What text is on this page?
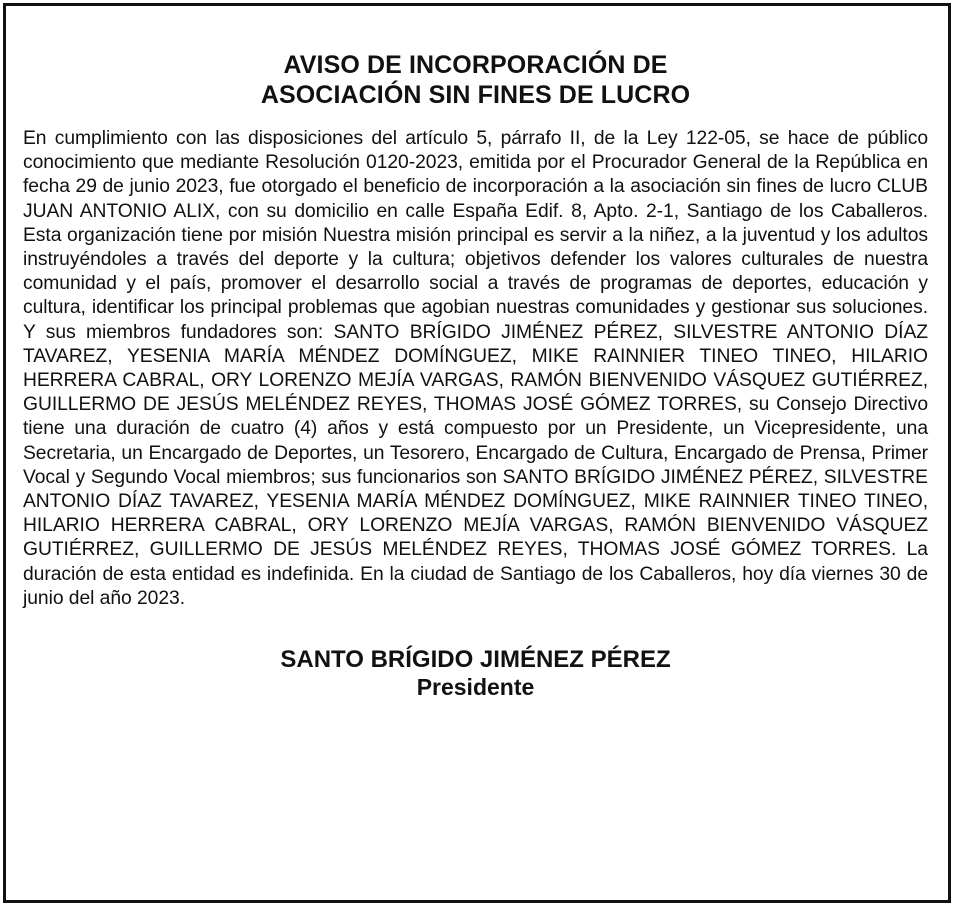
AVISO DE INCORPORACIÓN DE
ASOCIACIÓN SIN FINES DE LUCRO

En cumplimiento con las disposiciones del artículo 5, párrafo II, de la Ley 122-05, se hace de público conocimiento que mediante Resolución 0120-2023, emitida por el Procurador General de la República en fecha 29 de junio 2023, fue otorgado el beneficio de incorporación a la asociación sin fines de lucro CLUB JUAN ANTONIO ALIX, con su domicilio en calle España Edif. 8, Apto. 2-1, Santiago de los Caballeros. Esta organización tiene por misión Nuestra misión principal es servir a la niñez, a la juventud y los adultos instruyéndoles a través del deporte y la cultura; objetivos defender los valores culturales de nuestra comunidad y el país, promover el desarrollo social a través de programas de deportes, educación y cultura, identificar los principal problemas que agobian nuestras comunidades y gestionar sus soluciones. Y sus miembros fundadores son: SANTO BRÍGIDO JIMÉNEZ PÉREZ, SILVESTRE ANTONIO DÍAZ TAVAREZ, YESENIA MARÍA MÉNDEZ DOMÍNGUEZ, MIKE RAINNIER TINEO TINEO, HILARIO HERRERA CABRAL, ORY LORENZO MEJÍA VARGAS, RAMÓN BIENVENIDO VÁSQUEZ GUTIÉRREZ, GUILLERMO DE JESÚS MELÉNDEZ REYES, THOMAS JOSÉ GÓMEZ TORRES, su Consejo Directivo tiene una duración de cuatro (4) años y está compuesto por un Presidente, un Vicepresidente, una Secretaria, un Encargado de Deportes, un Tesorero, Encargado de Cultura, Encargado de Prensa, Primer Vocal y Segundo Vocal miembros; sus funcionarios son SANTO BRÍGIDO JIMÉNEZ PÉREZ, SILVESTRE ANTONIO DÍAZ TAVAREZ, YESENIA MARÍA MÉNDEZ DOMÍNGUEZ, MIKE RAINNIER TINEO TINEO, HILARIO HERRERA CABRAL, ORY LORENZO MEJÍA VARGAS, RAMÓN BIENVENIDO VÁSQUEZ GUTIÉRREZ, GUILLERMO DE JESÚS MELÉNDEZ REYES, THOMAS JOSÉ GÓMEZ TORRES. La duración de esta entidad es indefinida. En la ciudad de Santiago de los Caballeros, hoy día viernes 30 de junio del año 2023.

SANTO BRÍGIDO JIMÉNEZ PÉREZ
Presidente
